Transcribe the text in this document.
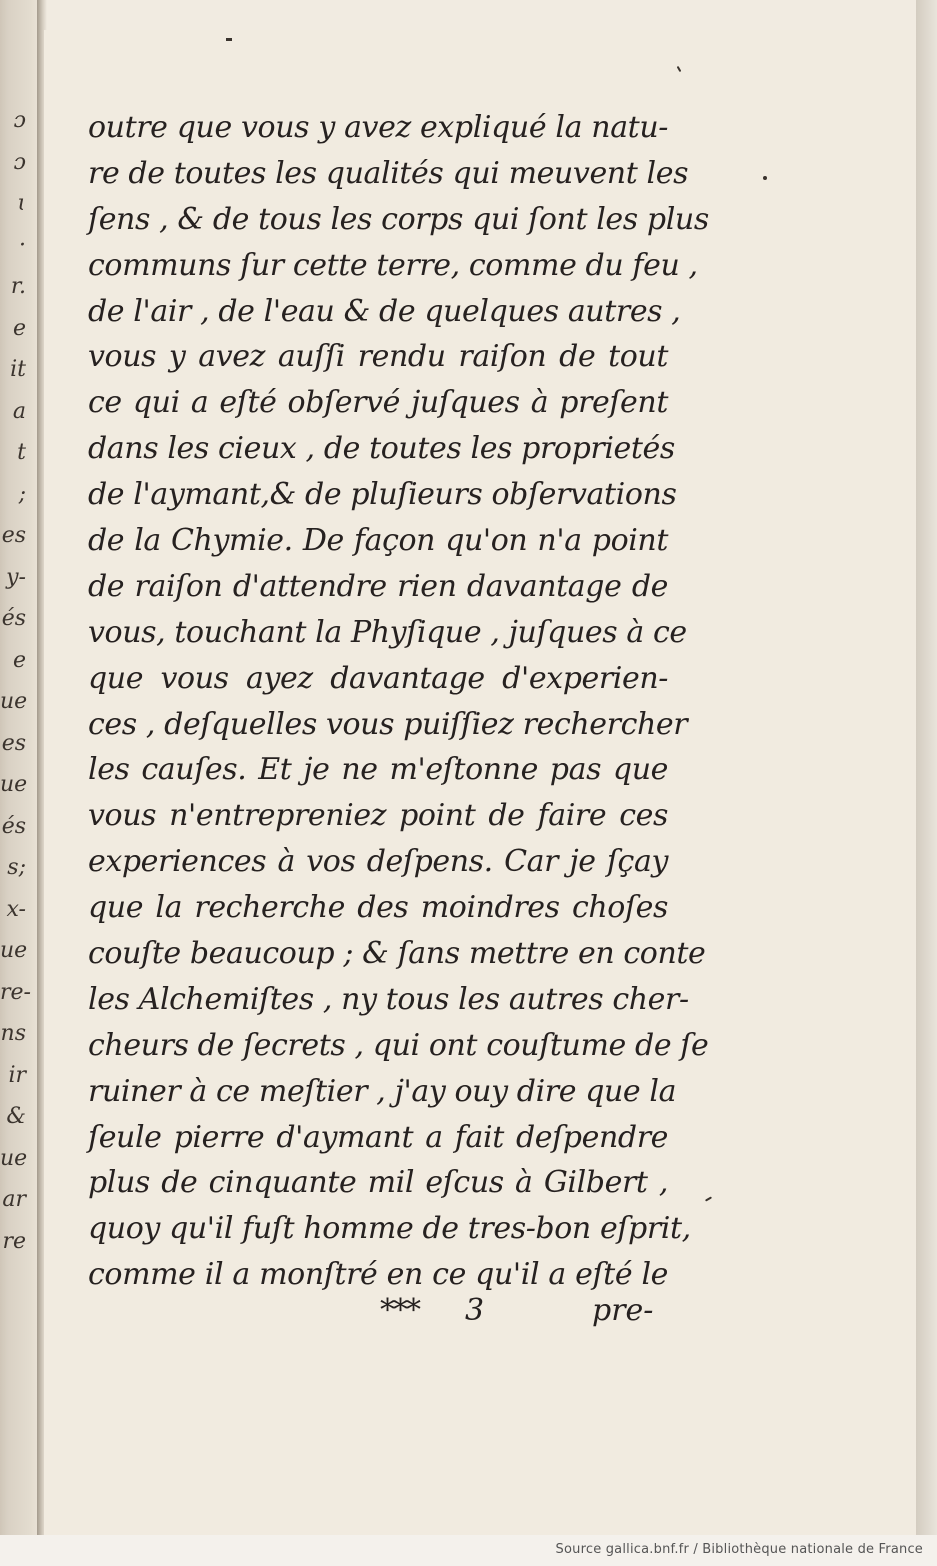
ɔ
ɔ
ɩ
·
r.
e
it
a
t
;
es
y-
és
e
ue
es
ue
és
s;
x-
ue
re-
ns
ir
&
ue
ar
re
outre que vous y avez expliqué la natu-
re de toutes les qualités qui meuvent les
ſens , & de tous les corps qui ſont les plus
communs ſur cette terre, comme du feu ,
de l'air , de l'eau & de quelques autres ,
vous y avez auſſi rendu raiſon de tout
ce qui a eſté obſervé juſques à preſent
dans les cieux , de toutes les proprietés
de l'aymant,& de pluſieurs obſervations
de la Chymie. De façon qu'on n'a point
de raiſon d'attendre rien davantage de
vous, touchant la Phyſique , juſques à ce
que vous ayez davantage d'experien-
ces , deſquelles vous puiſſiez rechercher
les cauſes. Et je ne m'eſtonne pas que
vous n'entrepreniez point de faire ces
experiences à vos deſpens. Car je ſçay
que la recherche des moindres choſes
couſte beaucoup ; & ſans mettre en conte
les Alchemiſtes , ny tous les autres cher-
cheurs de ſecrets , qui ont couſtume de ſe
ruiner à ce meſtier , j'ay ouy dire que la
ſeule pierre d'aymant a fait deſpendre
plus de cinquante mil eſcus à Gilbert ,
quoy qu'il fuſt homme de tres-bon eſprit,
comme il a monſtré en ce qu'il a eſté le
*** 3	pre-
Source gallica.bnf.fr / Bibliothèque nationale de France
